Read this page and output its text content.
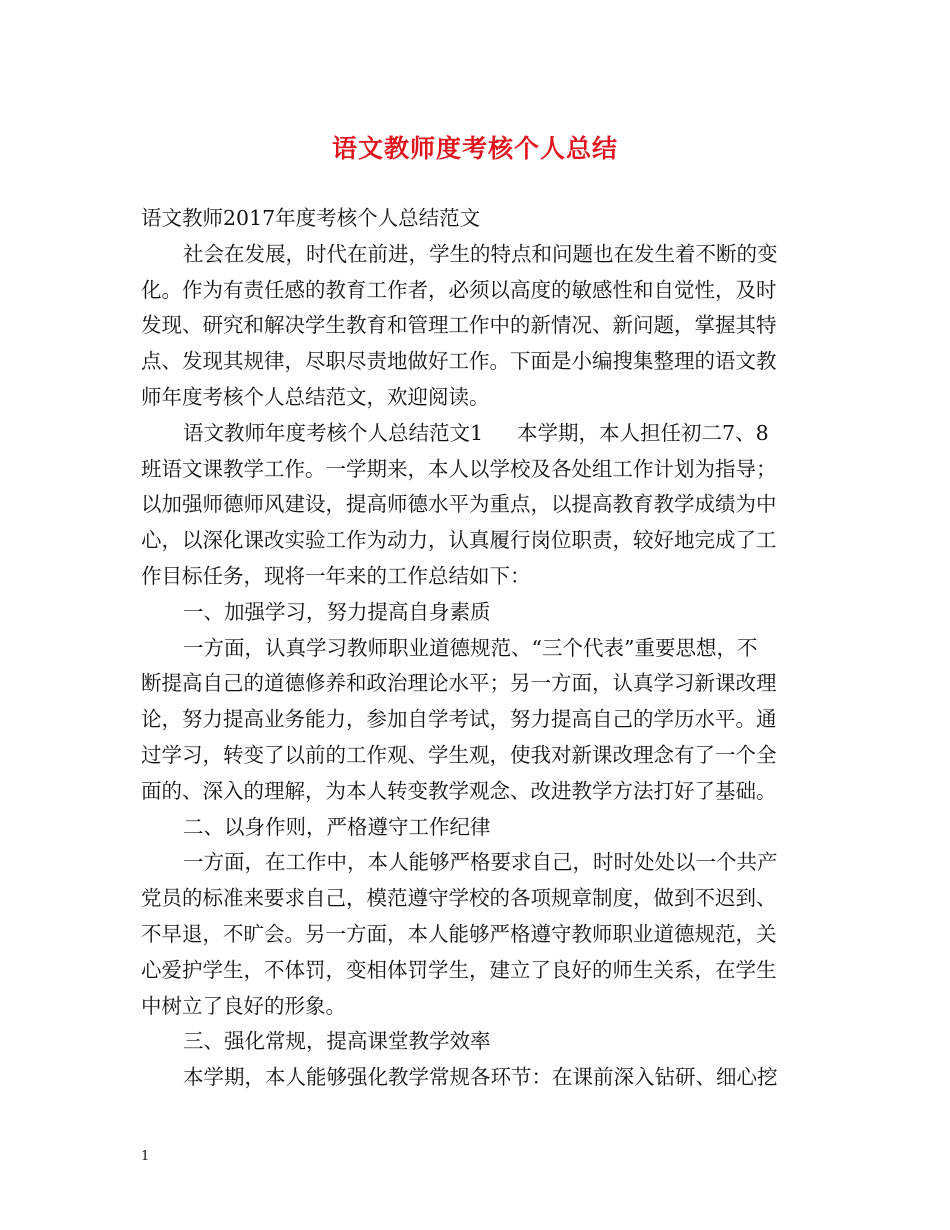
语文教师度考核个人总结
语文教师2017年度考核个人总结范文
社会在发展，时代在前进，学生的特点和问题也在发生着不断的变
化。作为有责任感的教育工作者，必须以高度的敏感性和自觉性，及时
发现、研究和解决学生教育和管理工作中的新情况、新问题，掌握其特
点、发现其规律，尽职尽责地做好工作。下面是小编搜集整理的语文教
师年度考核个人总结范文，欢迎阅读。
语文教师年度考核个人总结范文1 本学期，本人担任初二7、8
班语文课教学工作。一学期来，本人以学校及各处组工作计划为指导；
以加强师德师风建设，提高师德水平为重点，以提高教育教学成绩为中
心，以深化课改实验工作为动力，认真履行岗位职责，较好地完成了工
作目标任务，现将一年来的工作总结如下：
一、加强学习，努力提高自身素质
一方面，认真学习教师职业道德规范、“三个代表”重要思想，不
断提高自己的道德修养和政治理论水平；另一方面，认真学习新课改理
论，努力提高业务能力，参加自学考试，努力提高自己的学历水平。通
过学习，转变了以前的工作观、学生观，使我对新课改理念有了一个全
面的、深入的理解，为本人转变教学观念、改进教学方法打好了基础。
二、以身作则，严格遵守工作纪律
一方面，在工作中，本人能够严格要求自己，时时处处以一个共产
党员的标准来要求自己，模范遵守学校的各项规章制度，做到不迟到、
不早退，不旷会。另一方面，本人能够严格遵守教师职业道德规范，关
心爱护学生，不体罚，变相体罚学生，建立了良好的师生关系，在学生
中树立了良好的形象。
三、强化常规，提高课堂教学效率
本学期，本人能够强化教学常规各环节：在课前深入钻研、细心挖
1
